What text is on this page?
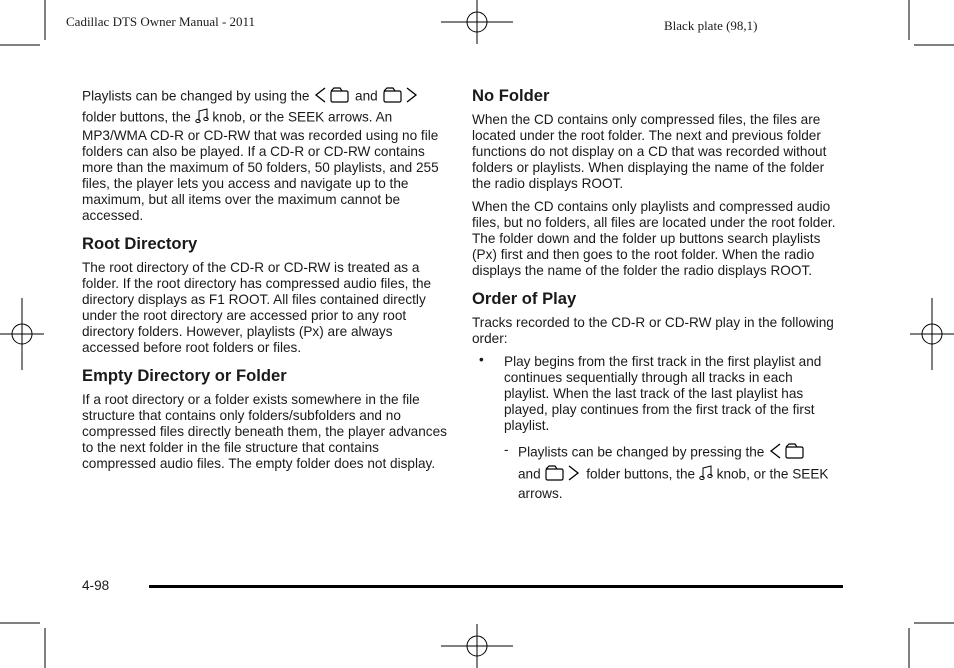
Cadillac DTS Owner Manual - 2011	Black plate (98,1)

Playlists can be changed by using the	and
folder buttons, the knob, or the SEEK arrows. An MP3/WMA CD-R or CD-RW that was recorded using no file folders can also be played. If a CD-R or CD-RW contains more than the maximum of 50 folders, 50 playlists, and 255 files, the player lets you access and navigate up to the maximum, but all items over the maximum cannot be accessed.

Root Directory

The root directory of the CD-R or CD-RW is treated as a folder. If the root directory has compressed audio files, the directory displays as F1 ROOT. All files contained directly under the root directory are accessed prior to any root directory folders. However, playlists (Px) are always accessed before root folders or files.

Empty Directory or Folder

If a root directory or a folder exists somewhere in the file structure that contains only folders/subfolders and no compressed files directly beneath them, the player advances to the next folder in the file structure that contains compressed audio files. The empty folder does not display.

No Folder

When the CD contains only compressed files, the files are located under the root folder. The next and previous folder functions do not display on a CD that was recorded without folders or playlists. When displaying the name of the folder the radio displays ROOT.

When the CD contains only playlists and compressed audio files, but no folders, all files are located under the root folder. The folder down and the folder up buttons search playlists (Px) first and then goes to the root folder. When the radio displays the name of the folder the radio displays ROOT.

Order of Play

Tracks recorded to the CD-R or CD-RW play in the following order:

• Play begins from the first track in the first playlist and continues sequentially through all tracks in each playlist. When the last track of the last playlist has played, play continues from the first track of the first playlist.
- Playlists can be changed by pressing the
and	folder buttons, the knob, or the SEEK arrows.
4-98
